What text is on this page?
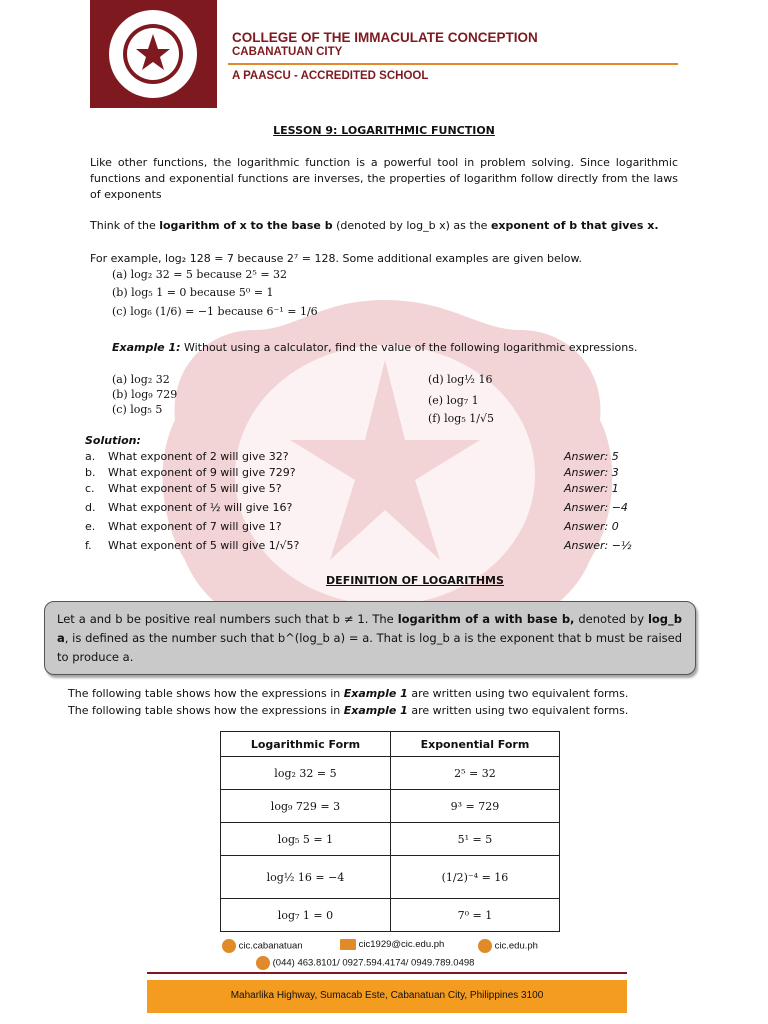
COLLEGE OF THE IMMACULATE CONCEPTION
CABANATUAN CITY
A PAASCU - ACCREDITED SCHOOL
LESSON 9: LOGARITHMIC FUNCTION
Like other functions, the logarithmic function is a powerful tool in problem solving. Since logarithmic functions and exponential functions are inverses, the properties of logarithm follow directly from the laws of exponents
Think of the logarithm of x to the base b (denoted by log_b x) as the exponent of b that gives x.
For example, log₂ 128 = 7 because 2⁷ = 128. Some additional examples are given below.
(a) log₂ 32 = 5 because 2⁵ = 32
(b) log₅ 1 = 0 because 5⁰ = 1
(c) log₆ (1/6) = −1 because 6⁻¹ = 1/6
Example 1: Without using a calculator, find the value of the following logarithmic expressions.
(a) log₂ 32
(b) log₉ 729
(c) log₅ 5
(d) log½ 16
(e) log₇ 1
(f) log₅ 1/√5
Solution:
a. What exponent of 2 will give 32?	Answer: 5
b. What exponent of 9 will give 729?	Answer: 3
c. What exponent of 5 will give 5?	Answer: 1
d. What exponent of ½ will give 16?	Answer: −4
e. What exponent of 7 will give 1?	Answer: 0
f. What exponent of 5 will give 1/√5?	Answer: −½
DEFINITION OF LOGARITHMS
Let a and b be positive real numbers such that b ≠ 1. The logarithm of a with base b, denoted by log_b a, is defined as the number such that b^(log_b a) = a. That is log_b a is the exponent that b must be raised to produce a.
The following table shows how the expressions in Example 1 are written using two equivalent forms.
The following table shows how the expressions in Example 1 are written using two equivalent forms.
Logarithmic Form	Exponential Form
log₂ 32 = 5	2⁵ = 32
log₉ 729 = 3	9³ = 729
log₅ 5 = 1	5¹ = 5
log½ 16 = −4	(1/2)⁻⁴ = 16
log₇ 1 = 0	7⁰ = 1
cic.cabanatuan	cic1929@cic.edu.ph	cic.edu.ph
(044) 463.8101/ 0927.594.4174/ 0949.789.0498
Maharlika Highway, Sumacab Este, Cabanatuan City, Philippines 3100
